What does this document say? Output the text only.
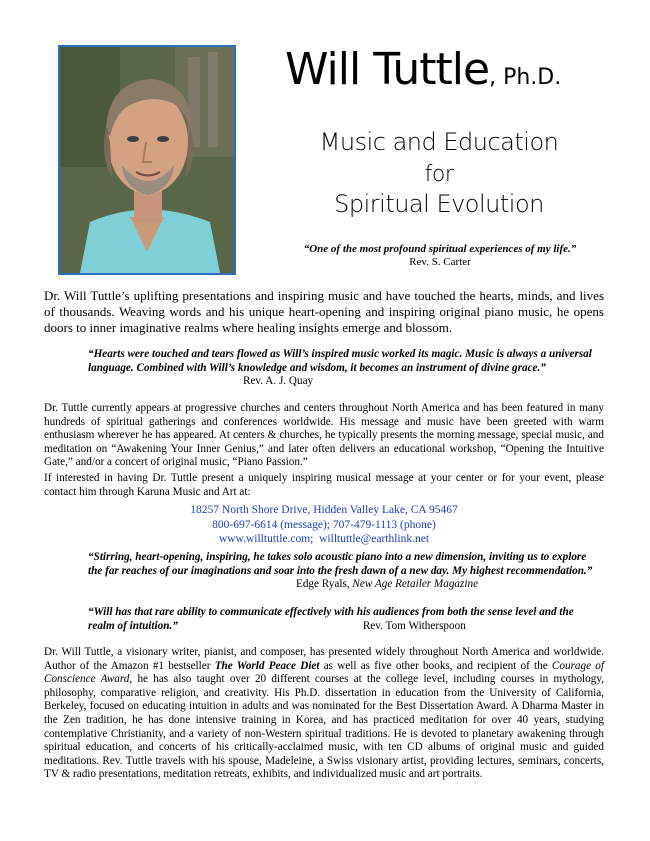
Will Tuttle, Ph.D.
Music and Education
for
Spiritual Evolution
“One of the most profound spiritual experiences of my life.”
Rev. S. Carter

Dr. Will Tuttle’s uplifting presentations and inspiring music and have touched the hearts, minds, and lives of thousands. Weaving words and his unique heart-opening and inspiring original piano music, he opens doors to inner imaginative realms where healing insights emerge and blossom.

“Hearts were touched and tears flowed as Will’s inspired music worked its magic. Music is always a universal language. Combined with Will’s knowledge and wisdom, it becomes an instrument of divine grace.”Rev. A. J. Quay

Dr. Tuttle currently appears at progressive churches and centers throughout North America and has been featured in many hundreds of spiritual gatherings and conferences worldwide. His message and music have been greeted with warm enthusiasm wherever he has appeared. At centers & churches, he typically presents the morning message, special music, and meditation on “Awakening Your Inner Genius,” and later often delivers an educational workshop, “Opening the Intuitive Gate,” and/or a concert of original music, “Piano Passion.”

If interested in having Dr. Tuttle present a uniquely inspiring musical message at your center or for your event, please contact him through Karuna Music and Art at:

18257 North Shore Drive, Hidden Valley Lake, CA 95467
800-697-6614 (message); 707-479-1113 (phone)
www.willtuttle.com; willtuttle@earthlink.net

“Stirring, heart-opening, inspiring, he takes solo acoustic piano into a new dimension, inviting us to explore the far reaches of our imaginations and soar into the fresh dawn of a new day. My highest recommendation.”Edge Ryals, New Age Retailer Magazine

“Will has that rare ability to communicate effectively with his audiences from both the sense level and the realm of intuition.”	Rev. Tom Witherspoon

Dr. Will Tuttle, a visionary writer, pianist, and composer, has presented widely throughout North America and worldwide. Author of the Amazon #1 bestseller The World Peace Diet as well as five other books, and recipient of the Courage of Conscience Award, he has also taught over 20 different courses at the college level, including courses in mythology, philosophy, comparative religion, and creativity. His Ph.D. dissertation in education from the University of California, Berkeley, focused on educating intuition in adults and was nominated for the Best Dissertation Award. A Dharma Master in the Zen tradition, he has done intensive training in Korea, and has practiced meditation for over 40 years, studying contemplative Christianity, and a variety of non-Western spiritual traditions. He is devoted to planetary awakening through spiritual education, and concerts of his critically-acclaimed music, with ten CD albums of original music and guided meditations. Rev. Tuttle travels with his spouse, Madeleine, a Swiss visionary artist, providing lectures, seminars, concerts, TV & radio presentations, meditation retreats, exhibits, and individualized music and art portraits.
